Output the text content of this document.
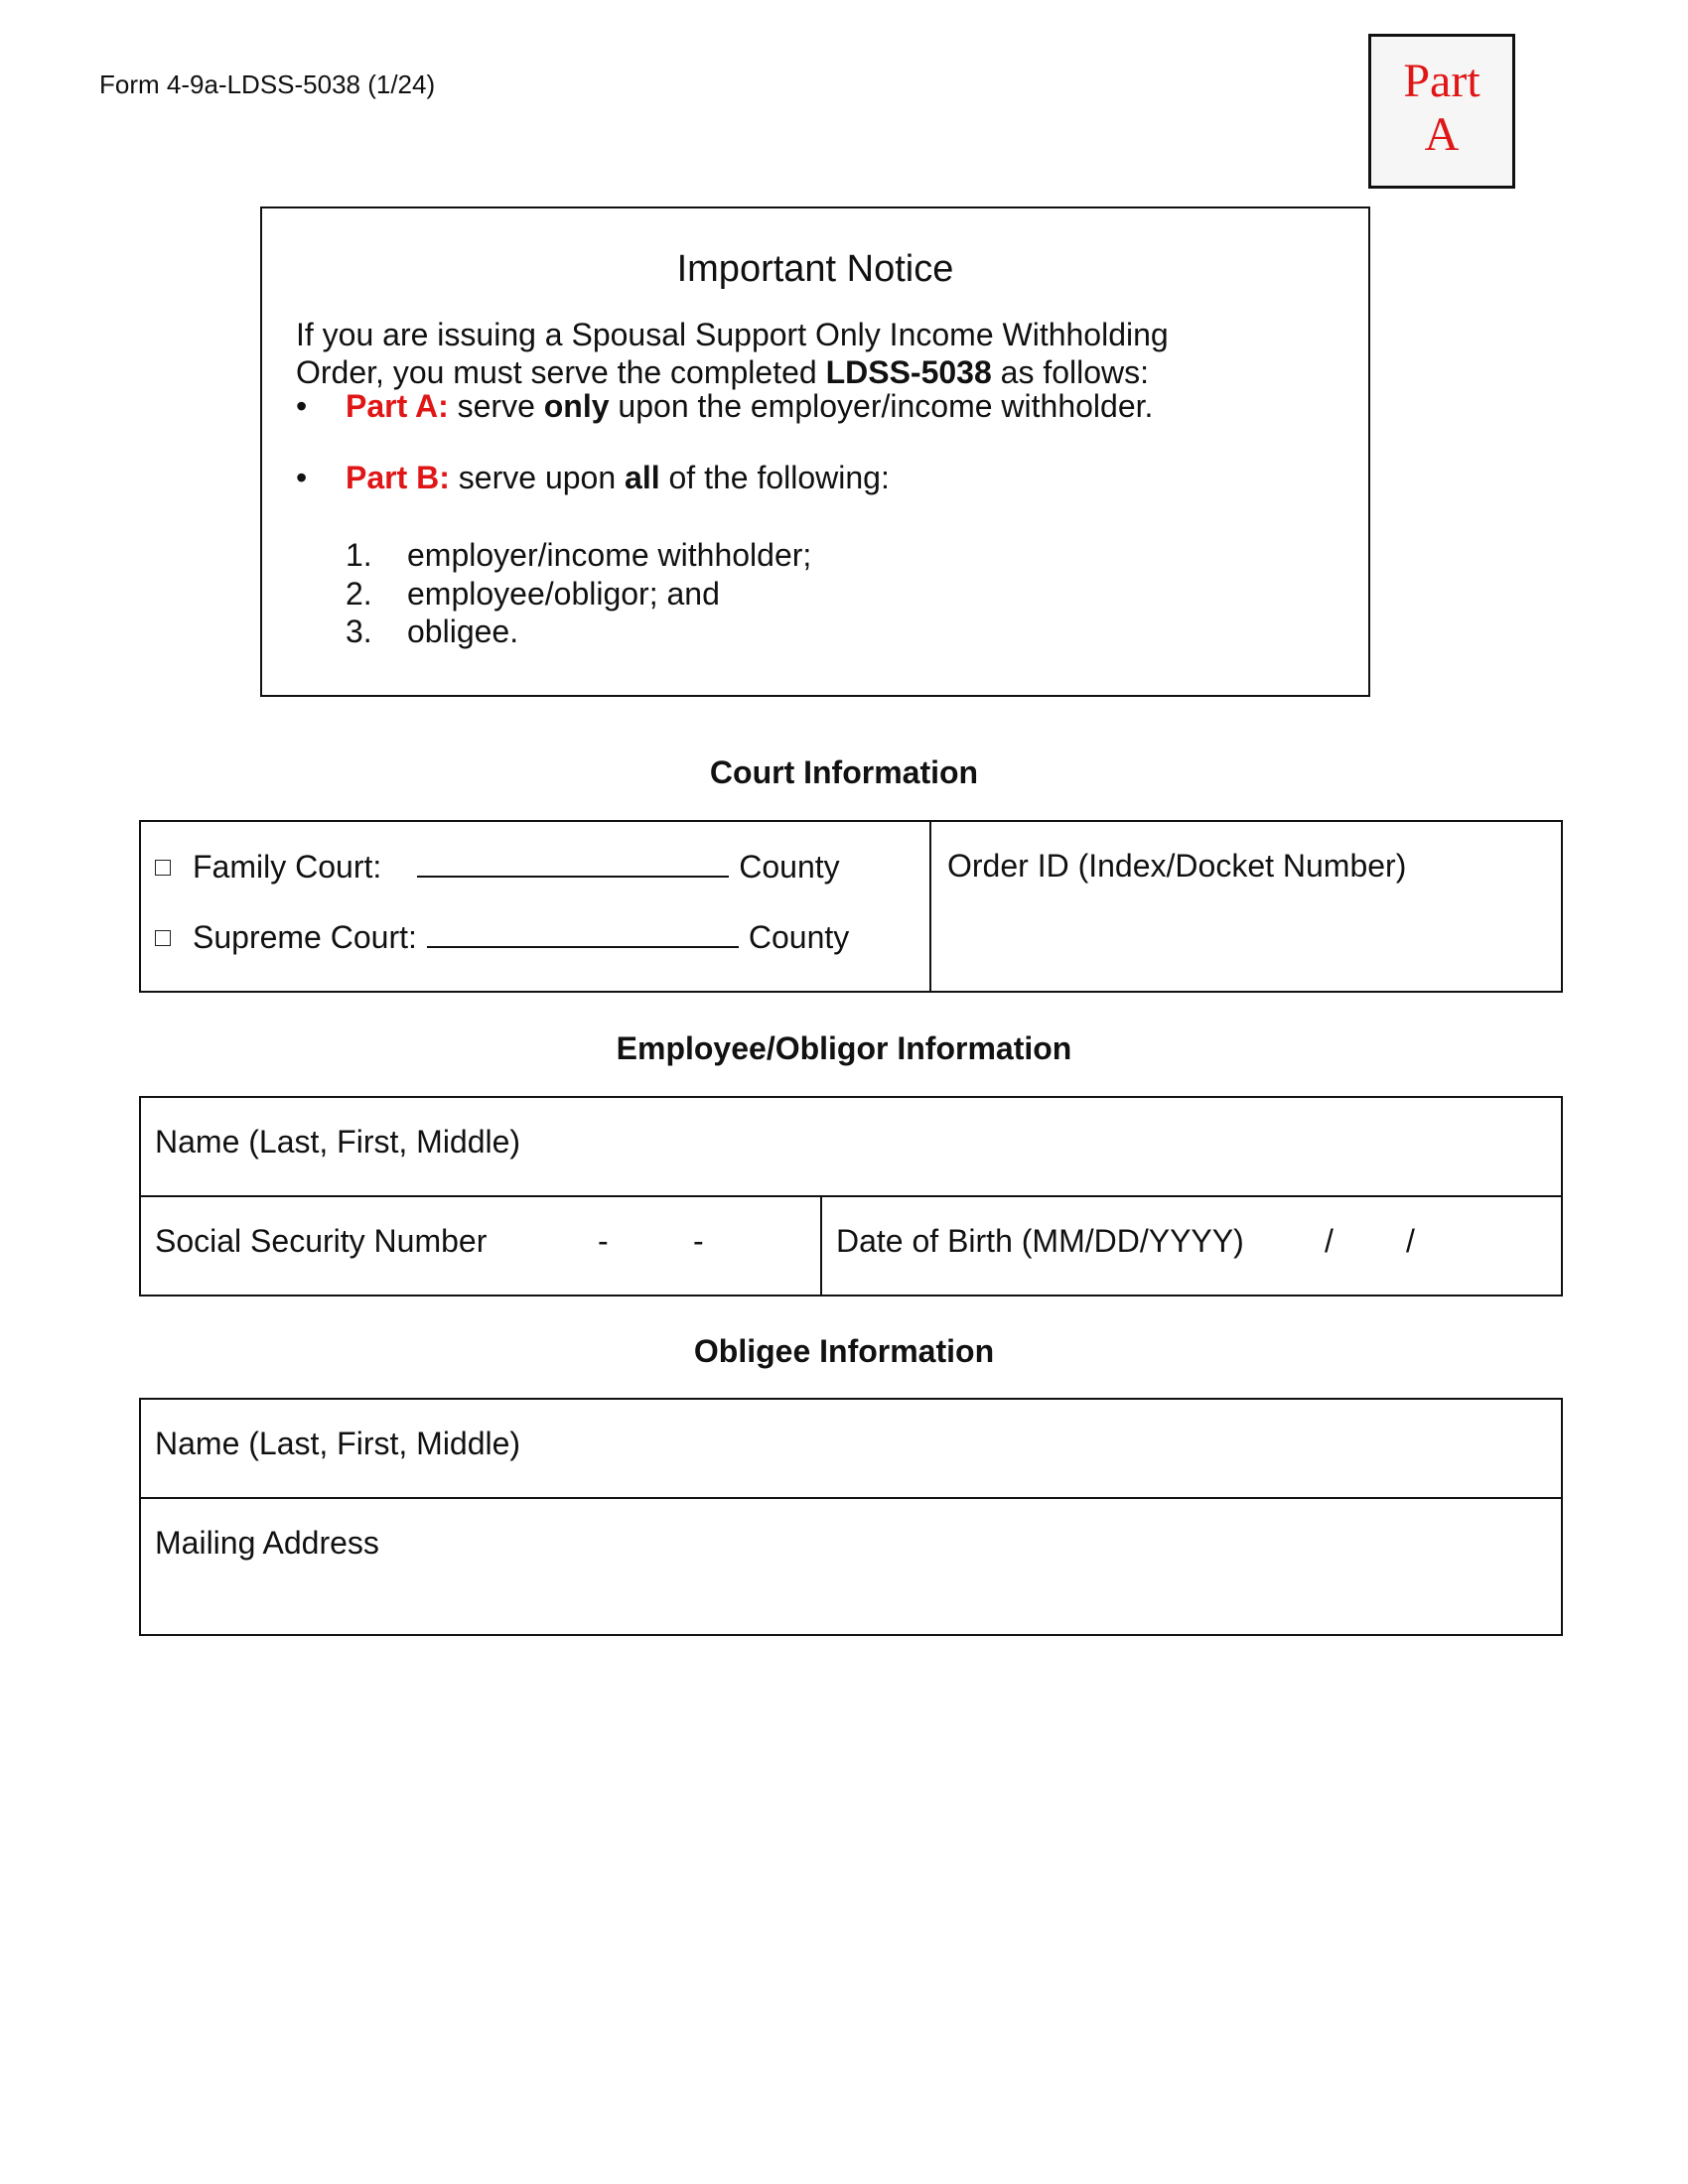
Form 4-9a-LDSS-5038 (1/24)	Part
A
Important Notice
If you are issuing a Spousal Support Only Income Withholding
Order, you must serve the completed LDSS-5038 as follows:
• Part A: serve only upon the employer/income withholder.
• Part B: serve upon all of the following:
1. employer/income withholder;
2. employee/obligor; and
3. obligee.
Court Information
Family Court:	County
Supreme Court:	County
Order ID (Index/Docket Number)
Employee/Obligor Information
Name (Last, First, Middle)
Social Security Number	-	-	Date of Birth (MM/DD/YYYY)	/ /
Obligee Information
Name (Last, First, Middle)
Mailing Address
